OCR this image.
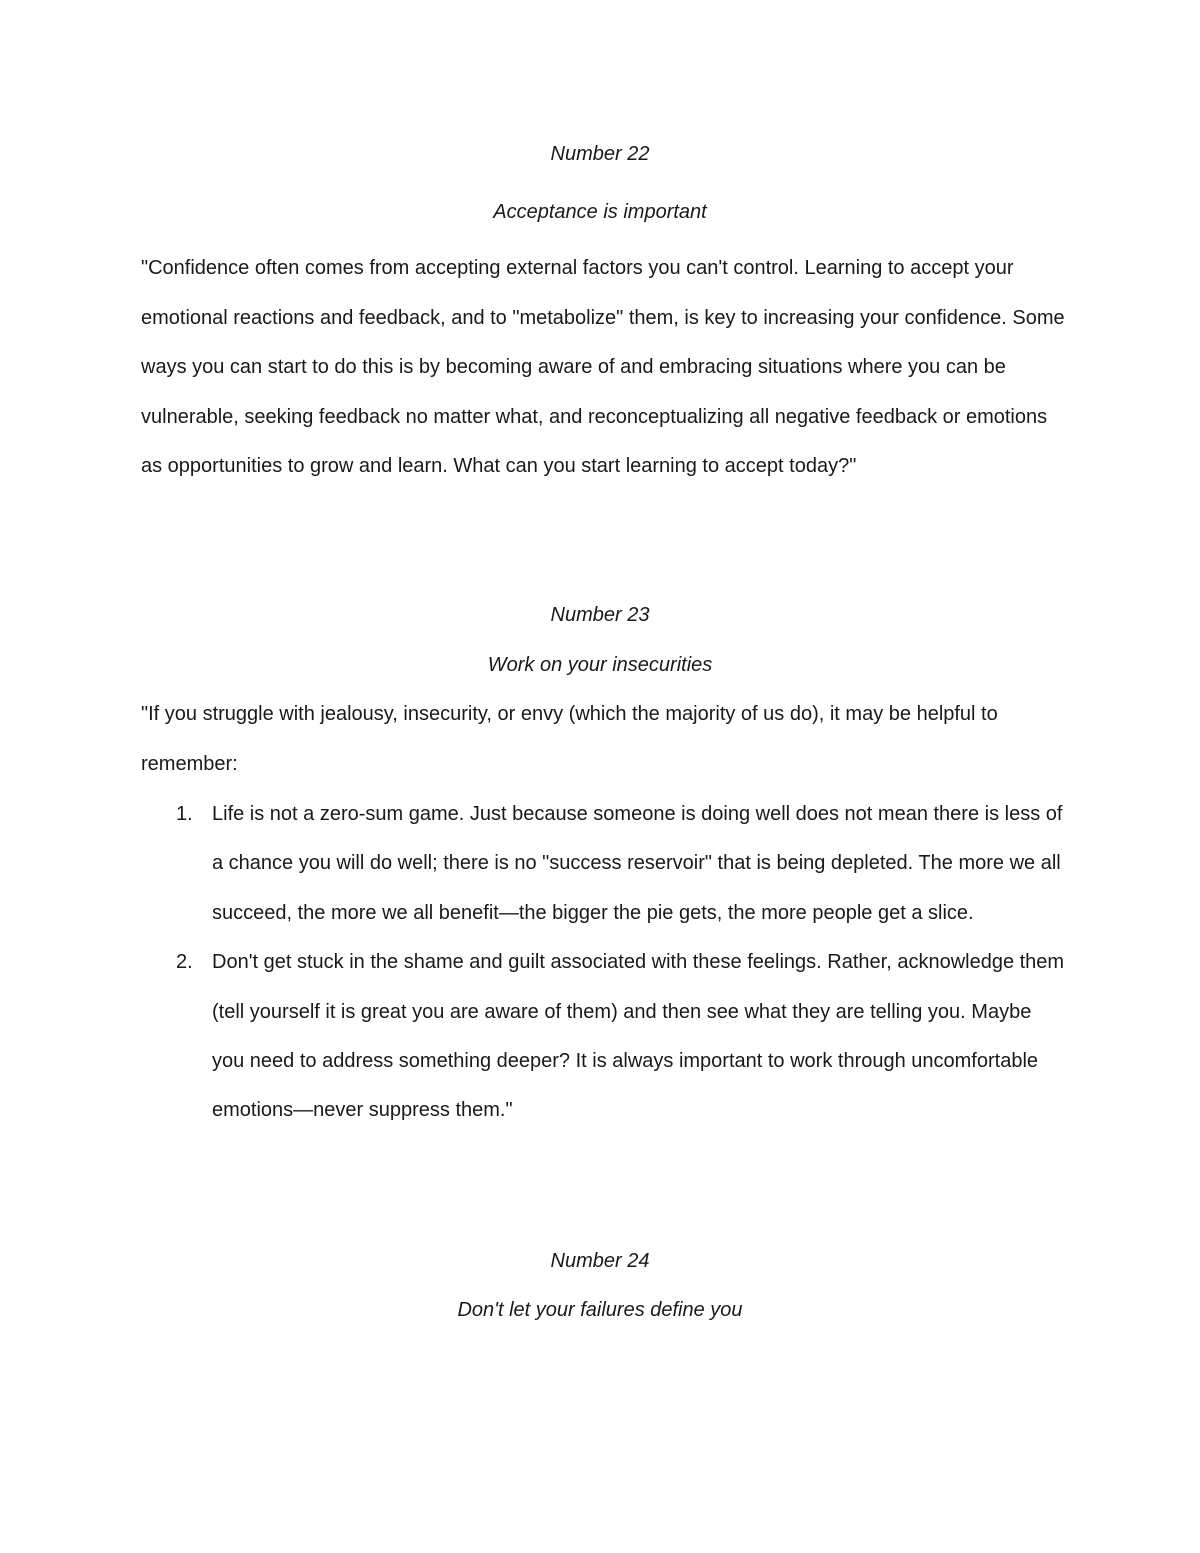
Number 22

Acceptance is important

"Confidence often comes from accepting external factors you can't control. Learning to accept your emotional reactions and feedback, and to "metabolize" them, is key to increasing your confidence. Some ways you can start to do this is by becoming aware of and embracing situations where you can be vulnerable, seeking feedback no matter what, and reconceptualizing all negative feedback or emotions as opportunities to grow and learn. What can you start learning to accept today?"

Number 23

Work on your insecurities

"If you struggle with jealousy, insecurity, or envy (which the majority of us do), it may be helpful to remember:

1. Life is not a zero-sum game. Just because someone is doing well does not mean there is less of a chance you will do well; there is no "success reservoir" that is being depleted. The more we all succeed, the more we all benefit—the bigger the pie gets, the more people get a slice.
2. Don't get stuck in the shame and guilt associated with these feelings. Rather, acknowledge them (tell yourself it is great you are aware of them) and then see what they are telling you. Maybe you need to address something deeper? It is always important to work through uncomfortable emotions—never suppress them."

Number 24

Don't let your failures define you
